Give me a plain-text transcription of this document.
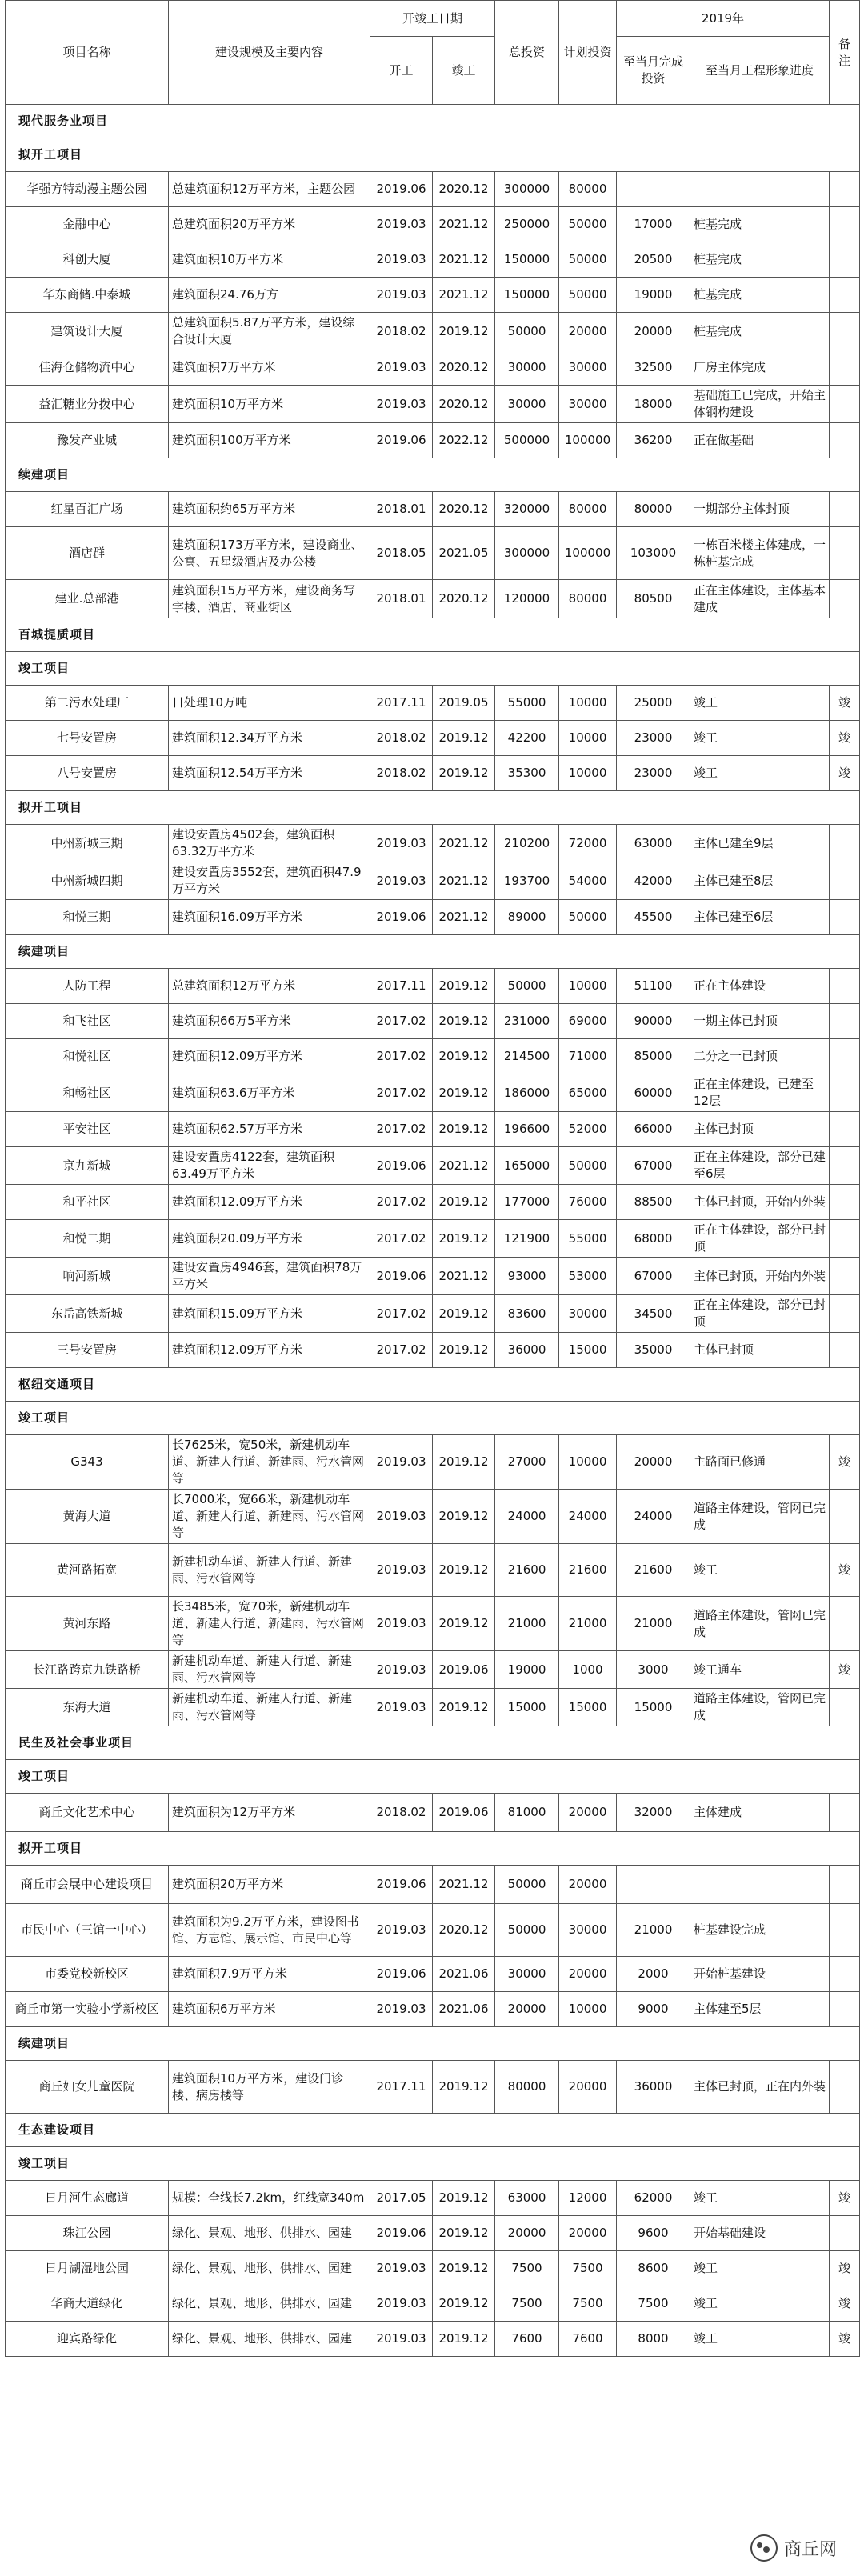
项目名称	建设规模及主要内容	开竣工日期		总投资	计划投资	2019年		备注
		开工	竣工			至当月完成投资	至当月工程形象进度	
现代服务业项目								
拟开工项目								
华强方特动漫主题公园	总建筑面积12万平方米，主题公园	2019.06	2020.12	300000	80000			
金融中心	总建筑面积20万平方米	2019.03	2021.12	250000	50000	17000	桩基完成	
科创大厦	建筑面积10万平方米	2019.03	2021.12	150000	50000	20500	桩基完成	
华东商储.中泰城	建筑面积24.76万方	2019.03	2021.12	150000	50000	19000	桩基完成	
建筑设计大厦	总建筑面积5.87万平方米，建设综合设计大厦	2018.02	2019.12	50000	20000	20000	桩基完成	
佳海仓储物流中心	建筑面积7万平方米	2019.03	2020.12	30000	30000	32500	厂房主体完成	
益汇糖业分拨中心	建筑面积10万平方米	2019.03	2020.12	30000	30000	18000	基础施工已完成，开始主体钢构建设	
豫发产业城	建筑面积100万平方米	2019.06	2022.12	500000	100000	36200	正在做基础	
续建项目								
红星百汇广场	建筑面积约65万平方米	2018.01	2020.12	320000	80000	80000	一期部分主体封顶	
酒店群	建筑面积173万平方米，建设商业、公寓、五星级酒店及办公楼	2018.05	2021.05	300000	100000	103000	一栋百米楼主体建成，一栋桩基完成	
建业.总部港	建筑面积15万平方米，建设商务写字楼、酒店、商业街区	2018.01	2020.12	120000	80000	80500	正在主体建设，主体基本建成	
百城提质项目								
竣工项目								
第二污水处理厂	日处理10万吨	2017.11	2019.05	55000	10000	25000	竣工	竣
七号安置房	建筑面积12.34万平方米	2018.02	2019.12	42200	10000	23000	竣工	竣
八号安置房	建筑面积12.54万平方米	2018.02	2019.12	35300	10000	23000	竣工	竣
拟开工项目								
中州新城三期	建设安置房4502套，建筑面积63.32万平方米	2019.03	2021.12	210200	72000	63000	主体已建至9层	
中州新城四期	建设安置房3552套，建筑面积47.9万平方米	2019.03	2021.12	193700	54000	42000	主体已建至8层	
和悦三期	建筑面积16.09万平方米	2019.06	2021.12	89000	50000	45500	主体已建至6层	
续建项目								
人防工程	总建筑面积12万平方米	2017.11	2019.12	50000	10000	51100	正在主体建设	
和飞社区	建筑面积66万5平方米	2017.02	2019.12	231000	69000	90000	一期主体已封顶	
和悦社区	建筑面积12.09万平方米	2017.02	2019.12	214500	71000	85000	二分之一已封顶	
和畅社区	建筑面积63.6万平方米	2017.02	2019.12	186000	65000	60000	正在主体建设，已建至12层	
平安社区	建筑面积62.57万平方米	2017.02	2019.12	196600	52000	66000	主体已封顶	
京九新城	建设安置房4122套，建筑面积63.49万平方米	2019.06	2021.12	165000	50000	67000	正在主体建设，部分已建至6层	
和平社区	建筑面积12.09万平方米	2017.02	2019.12	177000	76000	88500	主体已封顶，开始内外装	
和悦二期	建筑面积20.09万平方米	2017.02	2019.12	121900	55000	68000	正在主体建设，部分已封顶	
响河新城	建设安置房4946套，建筑面积78万平方米	2019.06	2021.12	93000	53000	67000	主体已封顶，开始内外装	
东岳高铁新城	建筑面积15.09万平方米	2017.02	2019.12	83600	30000	34500	正在主体建设，部分已封顶	
三号安置房	建筑面积12.09万平方米	2017.02	2019.12	36000	15000	35000	主体已封顶	
枢纽交通项目								
竣工项目								
G343	长7625米，宽50米，新建机动车道、新建人行道、新建雨、污水管网等	2019.03	2019.12	27000	10000	20000	主路面已修通	竣
黄海大道	长7000米，宽66米，新建机动车道、新建人行道、新建雨、污水管网等	2019.03	2019.12	24000	24000	24000	道路主体建设，管网已完成	
黄河路拓宽	新建机动车道、新建人行道、新建雨、污水管网等	2019.03	2019.12	21600	21600	21600	竣工	竣
黄河东路	长3485米，宽70米，新建机动车道、新建人行道、新建雨、污水管网等	2019.03	2019.12	21000	21000	21000	道路主体建设，管网已完成	
长江路跨京九铁路桥	新建机动车道、新建人行道、新建雨、污水管网等	2019.03	2019.06	19000	1000	3000	竣工通车	竣
东海大道	新建机动车道、新建人行道、新建雨、污水管网等	2019.03	2019.12	15000	15000	15000	道路主体建设，管网已完成	
民生及社会事业项目								
竣工项目								
商丘文化艺术中心	建筑面积为12万平方米	2018.02	2019.06	81000	20000	32000	主体建成	
拟开工项目								
商丘市会展中心建设项目	建筑面积20万平方米	2019.06	2021.12	50000	20000			
市民中心（三馆一中心）	建筑面积为9.2万平方米，建设图书馆、方志馆、展示馆、市民中心等	2019.03	2020.12	50000	30000	21000	桩基建设完成	
市委党校新校区	建筑面积7.9万平方米	2019.06	2021.06	30000	20000	2000	开始桩基建设	
商丘市第一实验小学新校区	建筑面积6万平方米	2019.03	2021.06	20000	10000	9000	主体建至5层	
续建项目								
商丘妇女儿童医院	建筑面积10万平方米，建设门诊楼、病房楼等	2017.11	2019.12	80000	20000	36000	主体已封顶，正在内外装	
生态建设项目								
竣工项目								
日月河生态廊道	规模：全线长7.2km，红线宽340m	2017.05	2019.12	63000	12000	62000	竣工	竣
珠江公园	绿化、景观、地形、供排水、园建	2019.06	2019.12	20000	20000	9600	开始基础建设	
日月湖湿地公园	绿化、景观、地形、供排水、园建	2019.03	2019.12	7500	7500	8600	竣工	竣
华商大道绿化	绿化、景观、地形、供排水、园建	2019.03	2019.12	7500	7500	7500	竣工	竣
迎宾路绿化	绿化、景观、地形、供排水、园建	2019.03	2019.12	7600	7600	8000	竣工	竣
商丘网
